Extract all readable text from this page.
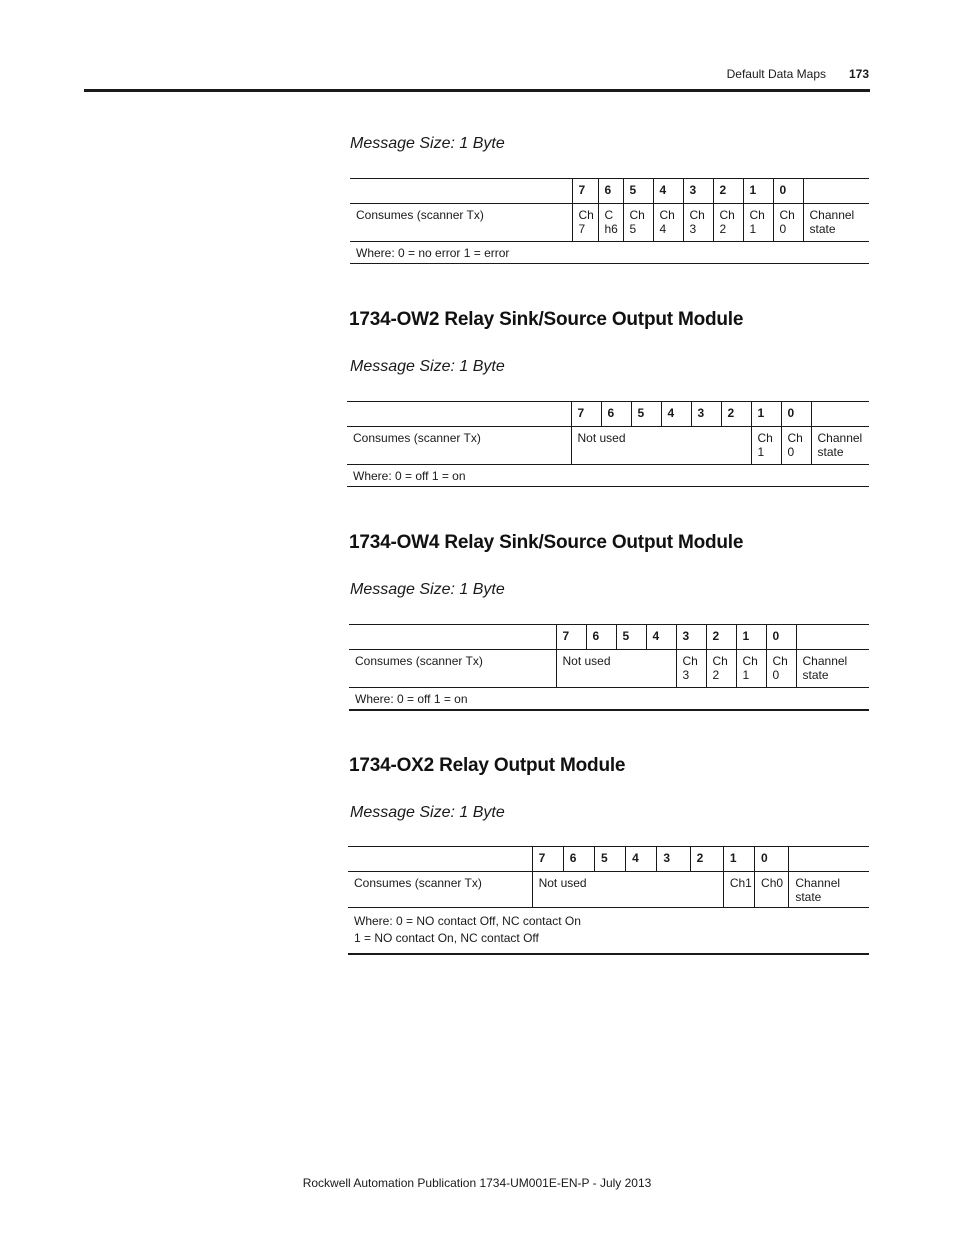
Default Data Maps 173
Message Size: 1 Byte
	7	6	5	4	3	2	1	0	
Consumes (scanner Tx)	Ch 7	C h6	Ch 5	Ch 4	Ch 3	Ch 2	Ch 1	Ch 0	Channel state
Where: 0 = no error 1 = error									
1734-OW2 Relay Sink/Source Output Module
Message Size: 1 Byte
	7	6	5	4	3	2	1	0	
Consumes (scanner Tx)	Not used						Ch 1	Ch 0	Channel state
Where: 0 = off 1 = on									
1734-OW4 Relay Sink/Source Output Module
Message Size: 1 Byte
	7	6	5	4	3	2	1	0	
Consumes (scanner Tx)	Not used				Ch 3	Ch 2	Ch 1	Ch 0	Channel state
Where: 0 = off 1 = on									
1734-OX2 Relay Output Module
Message Size: 1 Byte
	7	6	5	4	3	2	1	0	
Consumes (scanner Tx)	Not used						Ch1	Ch0	Channel state

Where: 0 = NO contact Off, NC contact On
1 = NO contact On, NC contact Off									
Rockwell Automation Publication 1734-UM001E-EN-P - July 2013
